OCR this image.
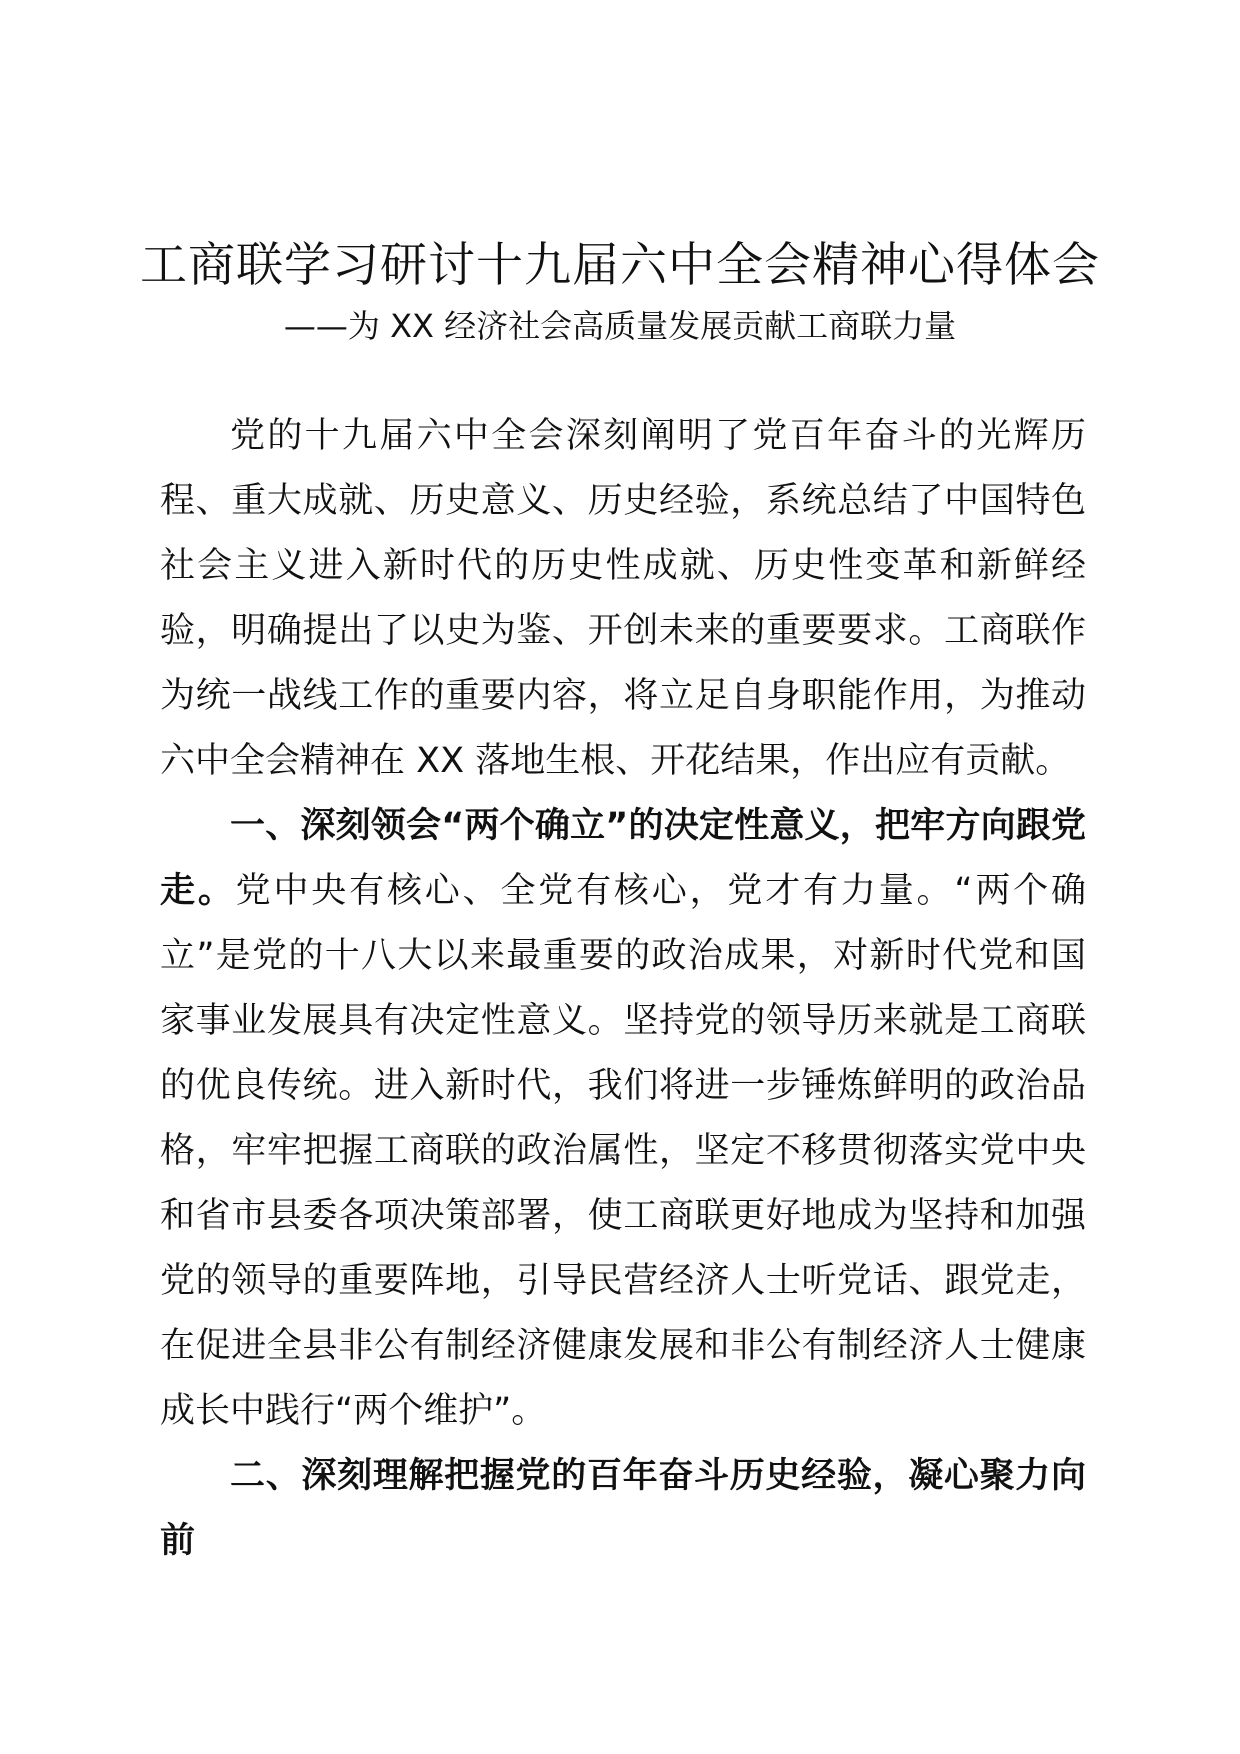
工商联学习研讨十九届六中全会精神心得体会
——为 XX 经济社会高质量发展贡献工商联力量

党的十九届六中全会深刻阐明了党百年奋斗的光辉历程、重大成就、历史意义、历史经验，系统总结了中国特色社会主义进入新时代的历史性成就、历史性变革和新鲜经验，明确提出了以史为鉴、开创未来的重要要求。工商联作为统一战线工作的重要内容，将立足自身职能作用，为推动六中全会精神在 XX 落地生根、开花结果，作出应有贡献。

一、深刻领会“两个确立”的决定性意义，把牢方向跟党走。党中央有核心、全党有核心，党才有力量。“两个确立”是党的十八大以来最重要的政治成果，对新时代党和国家事业发展具有决定性意义。坚持党的领导历来就是工商联的优良传统。进入新时代，我们将进一步锤炼鲜明的政治品格，牢牢把握工商联的政治属性，坚定不移贯彻落实党中央和省市县委各项决策部署，使工商联更好地成为坚持和加强党的领导的重要阵地，引导民营经济人士听党话、跟党走，在促进全县非公有制经济健康发展和非公有制经济人士健康成长中践行“两个维护”。

二、深刻理解把握党的百年奋斗历史经验，凝心聚力向前
